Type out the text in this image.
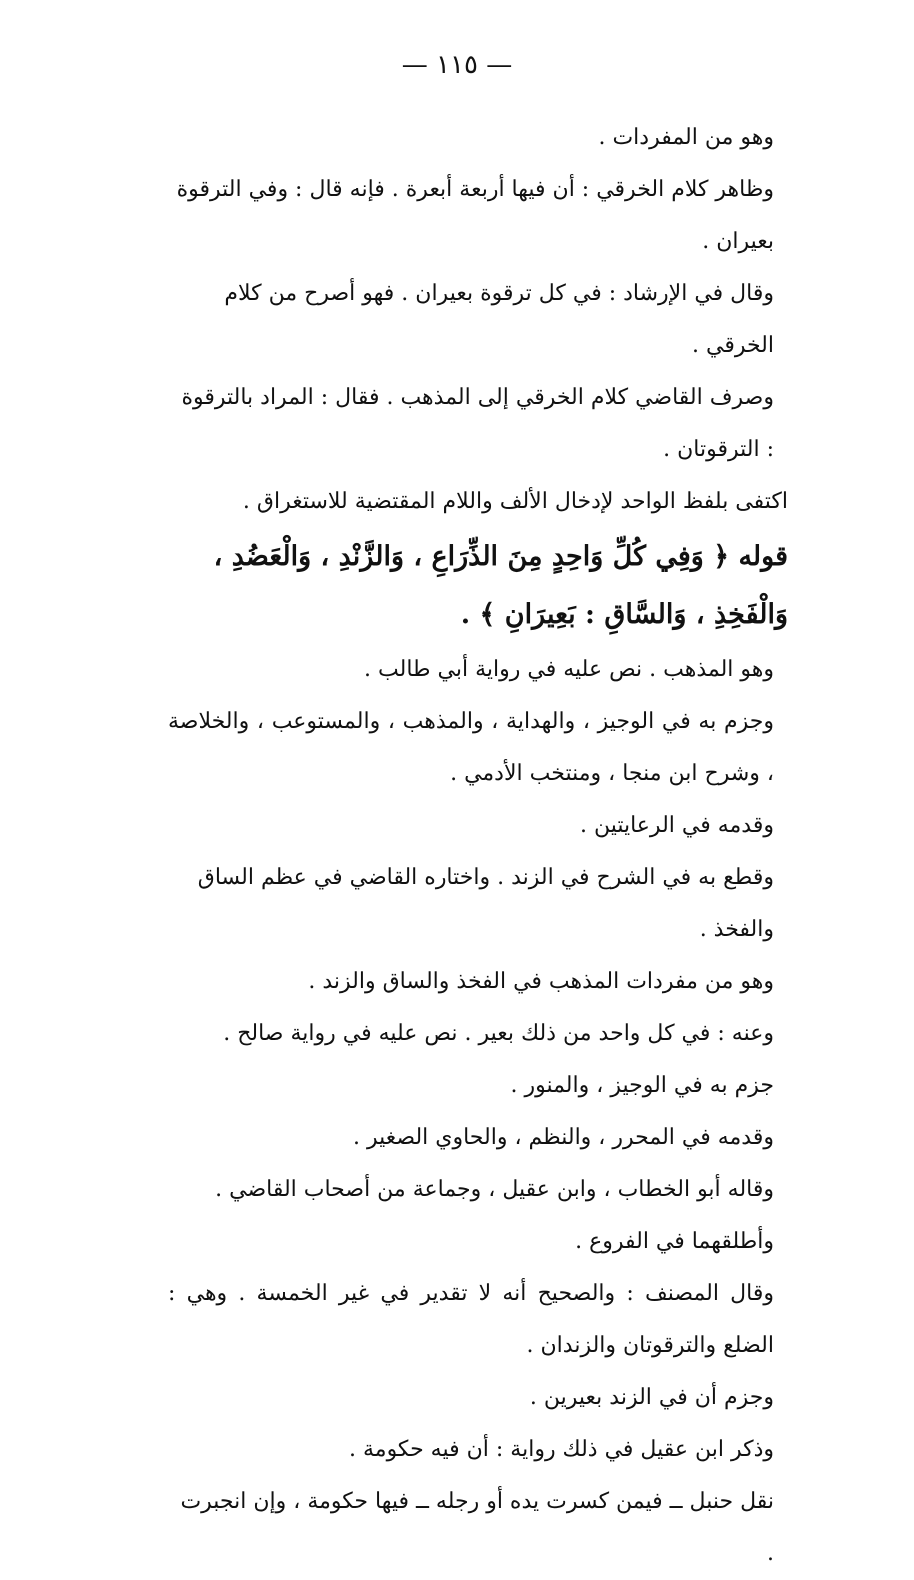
— ١١٥ —

وهو من المفردات .

وظاهر كلام الخرقي : أن فيها أربعة أبعرة . فإنه قال : وفي الترقوة بعيران .

وقال في الإرشاد : في كل ترقوة بعيران . فهو أصرح من كلام الخرقي .

وصرف القاضي كلام الخرقي إلى المذهب . فقال : المراد بالترقوة : الترقوتان .

اكتفى بلفظ الواحد لإدخال الألف واللام المقتضية للاستغراق .

قوله ﴿ وَفِي كُلِّ وَاحِدٍ مِنَ الذِّرَاعِ ، وَالزَّنْدِ ، وَالْعَضُدِ ، وَالْفَخِذِ ، وَالسَّاقِ : بَعِيرَانِ ﴾ .

وهو المذهب . نص عليه في رواية أبي طالب .

وجزم به في الوجيز ، والهداية ، والمذهب ، والمستوعب ، والخلاصة ، وشرح ابن منجا ، ومنتخب الأدمي .

وقدمه في الرعايتين .

وقطع به في الشرح في الزند . واختاره القاضي في عظم الساق والفخذ .

وهو من مفردات المذهب في الفخذ والساق والزند .

وعنه : في كل واحد من ذلك بعير . نص عليه في رواية صالح .

جزم به في الوجيز ، والمنور .

وقدمه في المحرر ، والنظم ، والحاوي الصغير .

وقاله أبو الخطاب ، وابن عقيل ، وجماعة من أصحاب القاضي .

وأطلقهما في الفروع .

وقال المصنف : والصحيح أنه لا تقدير في غير الخمسة . وهي : الضلع والترقوتان والزندان .

وجزم أن في الزند بعيرين .

وذكر ابن عقيل في ذلك رواية : أن فيه حكومة .

نقل حنبل ــ فيمن كسرت يده أو رجله ــ فيها حكومة ، وإن انجبرت .
